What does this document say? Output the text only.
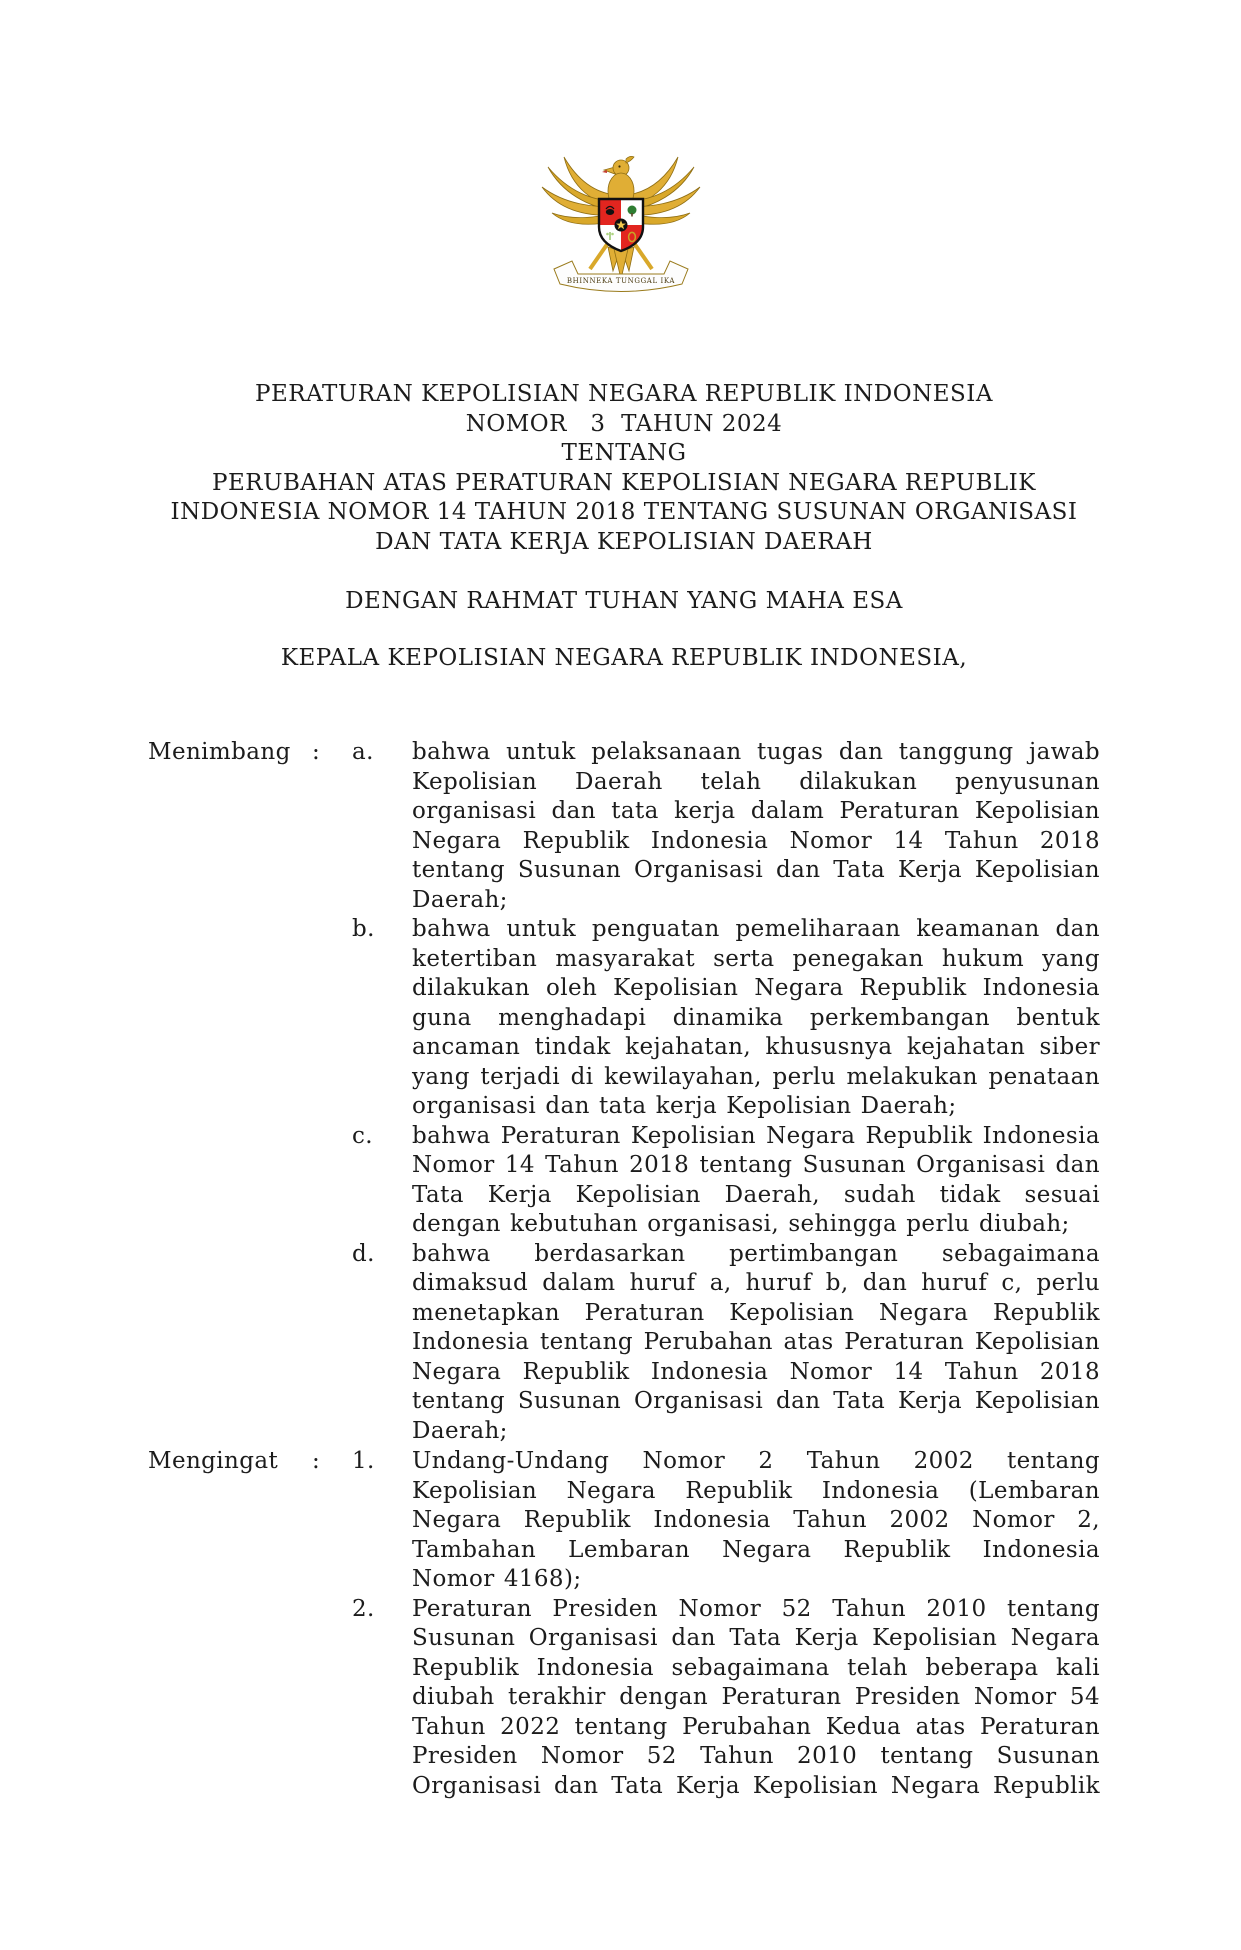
BHINNEKA TUNGGAL IKA
PERATURAN KEPOLISIAN NEGARA REPUBLIK INDONESIA
NOMOR   3  TAHUN 2024
TENTANG
PERUBAHAN ATAS PERATURAN KEPOLISIAN NEGARA REPUBLIK
INDONESIA NOMOR 14 TAHUN 2018 TENTANG SUSUNAN ORGANISASI
DAN TATA KERJA KEPOLISIAN DAERAH
DENGAN RAHMAT TUHAN YANG MAHA ESA
KEPALA KEPOLISIAN NEGARA REPUBLIK INDONESIA,
Menimbang :	a.	bahwa untuk pelaksanaan tugas dan tanggung jawab Kepolisian Daerah telah dilakukan penyusunan organisasi dan tata kerja dalam Peraturan Kepolisian Negara Republik Indonesia Nomor 14 Tahun 2018 tentang Susunan Organisasi dan Tata Kerja Kepolisian Daerah;
b.	bahwa untuk penguatan pemeliharaan keamanan dan ketertiban masyarakat serta penegakan hukum yang dilakukan oleh Kepolisian Negara Republik Indonesia guna menghadapi dinamika perkembangan bentuk ancaman tindak kejahatan, khususnya kejahatan siber yang terjadi di kewilayahan, perlu melakukan penataan organisasi dan tata kerja Kepolisian Daerah;
c.	bahwa Peraturan Kepolisian Negara Republik Indonesia Nomor 14 Tahun 2018 tentang Susunan Organisasi dan Tata Kerja Kepolisian Daerah, sudah tidak sesuai dengan kebutuhan organisasi, sehingga perlu diubah;
d.	bahwa berdasarkan pertimbangan sebagaimana dimaksud dalam huruf a, huruf b, dan huruf c, perlu menetapkan Peraturan Kepolisian Negara Republik Indonesia tentang Perubahan atas Peraturan Kepolisian Negara Republik Indonesia Nomor 14 Tahun 2018 tentang Susunan Organisasi dan Tata Kerja Kepolisian Daerah;
Mengingat	:	1.	Undang-Undang Nomor 2 Tahun 2002 tentang Kepolisian Negara Republik Indonesia (Lembaran Negara Republik Indonesia Tahun 2002 Nomor 2, Tambahan Lembaran Negara Republik Indonesia Nomor 4168);
2.	Peraturan Presiden Nomor 52 Tahun 2010 tentang Susunan Organisasi dan Tata Kerja Kepolisian Negara Republik Indonesia sebagaimana telah beberapa kali diubah terakhir dengan Peraturan Presiden Nomor 54 Tahun 2022 tentang Perubahan Kedua atas Peraturan Presiden Nomor 52 Tahun 2010 tentang Susunan Organisasi dan Tata Kerja Kepolisian Negara Republik
